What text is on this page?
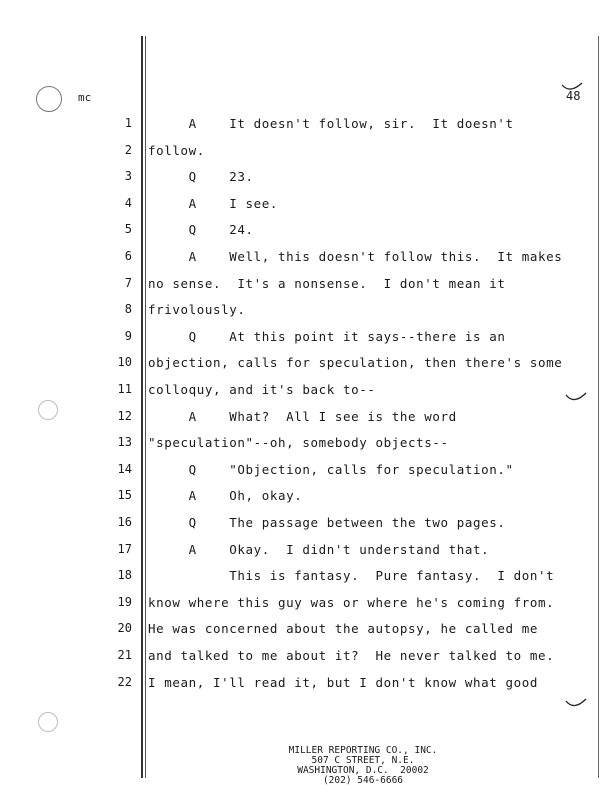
mc	48
1 A    It doesn't follow, sir.  It doesn't
2 follow.
3 Q    23.
4 A    I see.
5 Q    24.
6 A    Well, this doesn't follow this.  It makes
7 no sense.  It's a nonsense.  I don't mean it
8 frivolously.
9 Q    At this point it says--there is an
10 objection, calls for speculation, then there's some
11 colloquy, and it's back to--
12 A    What?  All I see is the word
13 "speculation"--oh, somebody objects--
14 Q    "Objection, calls for speculation."
15 A    Oh, okay.
16 Q    The passage between the two pages.
17 A    Okay.  I didn't understand that.
18 This is fantasy.  Pure fantasy.  I don't
19 know where this guy was or where he's coming from.
20 He was concerned about the autopsy, he called me
21 and talked to me about it?  He never talked to me.
22 I mean, I'll read it, but I don't know what good
MILLER REPORTING CO., INC.
507 C STREET, N.E.
WASHINGTON, D.C.  20002
(202) 546-6666
